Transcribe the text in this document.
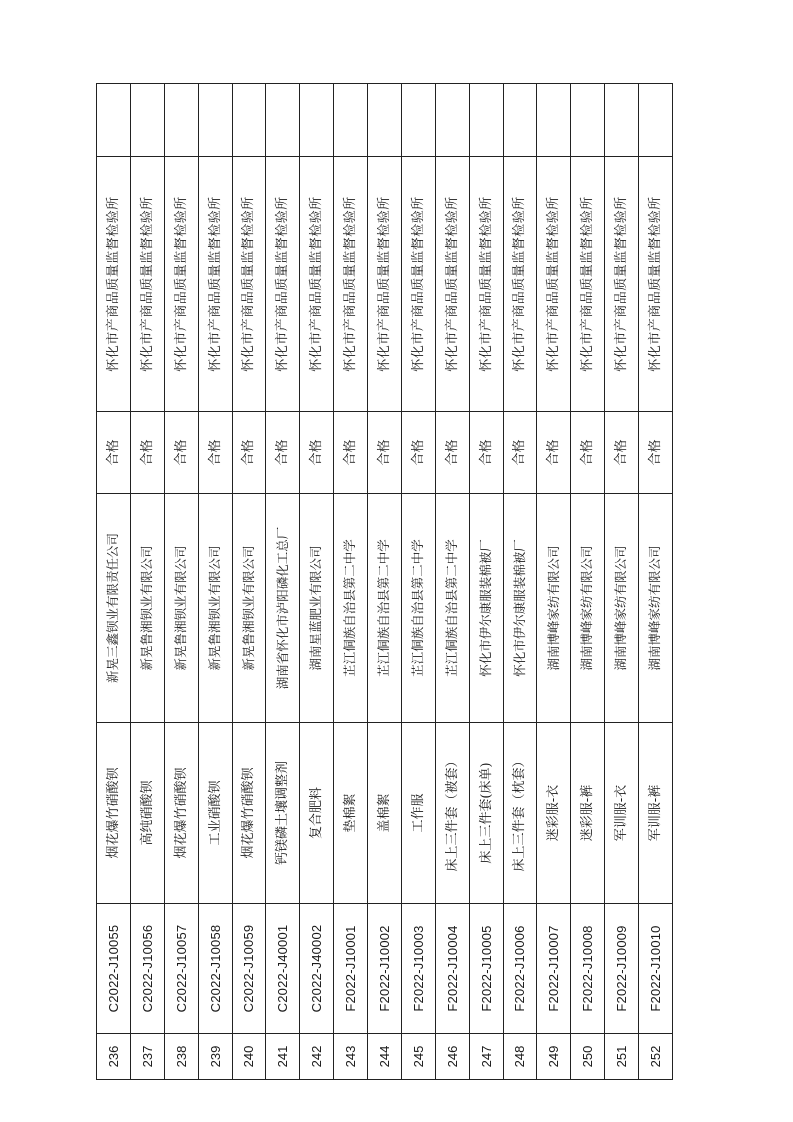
236	C2022-J10055	烟花爆竹硝酸钡	新晃三鑫钡业有限责任公司	合格	怀化市产商品质量监督检验所	
237	C2022-J10056	高纯硝酸钡	新晃鲁湘钡业有限公司	合格	怀化市产商品质量监督检验所	
238	C2022-J10057	烟花爆竹硝酸钡	新晃鲁湘钡业有限公司	合格	怀化市产商品质量监督检验所	
239	C2022-J10058	工业硝酸钡	新晃鲁湘钡业有限公司	合格	怀化市产商品质量监督检验所	
240	C2022-J10059	烟花爆竹硝酸钡	新晃鲁湘钡业有限公司	合格	怀化市产商品质量监督检验所	
241	C2022-J40001	钙镁磷土壤调整剂	湖南省怀化市泸阳磷化工总厂	合格	怀化市产商品质量监督检验所	
242	C2022-J40002	复合肥料	湖南星蓝肥业有限公司	合格	怀化市产商品质量监督检验所	
243	F2022-J10001	垫棉絮	芷江侗族自治县第二中学	合格	怀化市产商品质量监督检验所	
244	F2022-J10002	盖棉絮	芷江侗族自治县第二中学	合格	怀化市产商品质量监督检验所	
245	F2022-J10003	工作服	芷江侗族自治县第二中学	合格	怀化市产商品质量监督检验所	
246	F2022-J10004	床上三件套（被套）	芷江侗族自治县第二中学	合格	怀化市产商品质量监督检验所	
247	F2022-J10005	床上三件套(床单)	怀化市伊尔康服装棉被厂	合格	怀化市产商品质量监督检验所	
248	F2022-J10006	床上三件套（枕套）	怀化市伊尔康服装棉被厂	合格	怀化市产商品质量监督检验所	
249	F2022-J10007	迷彩服-衣	湖南博峰家纺有限公司	合格	怀化市产商品质量监督检验所	
250	F2022-J10008	迷彩服-裤	湖南博峰家纺有限公司	合格	怀化市产商品质量监督检验所	
251	F2022-J10009	军训服-衣	湖南博峰家纺有限公司	合格	怀化市产商品质量监督检验所	
252	F2022-J10010	军训服-裤	湖南博峰家纺有限公司	合格	怀化市产商品质量监督检验所	
